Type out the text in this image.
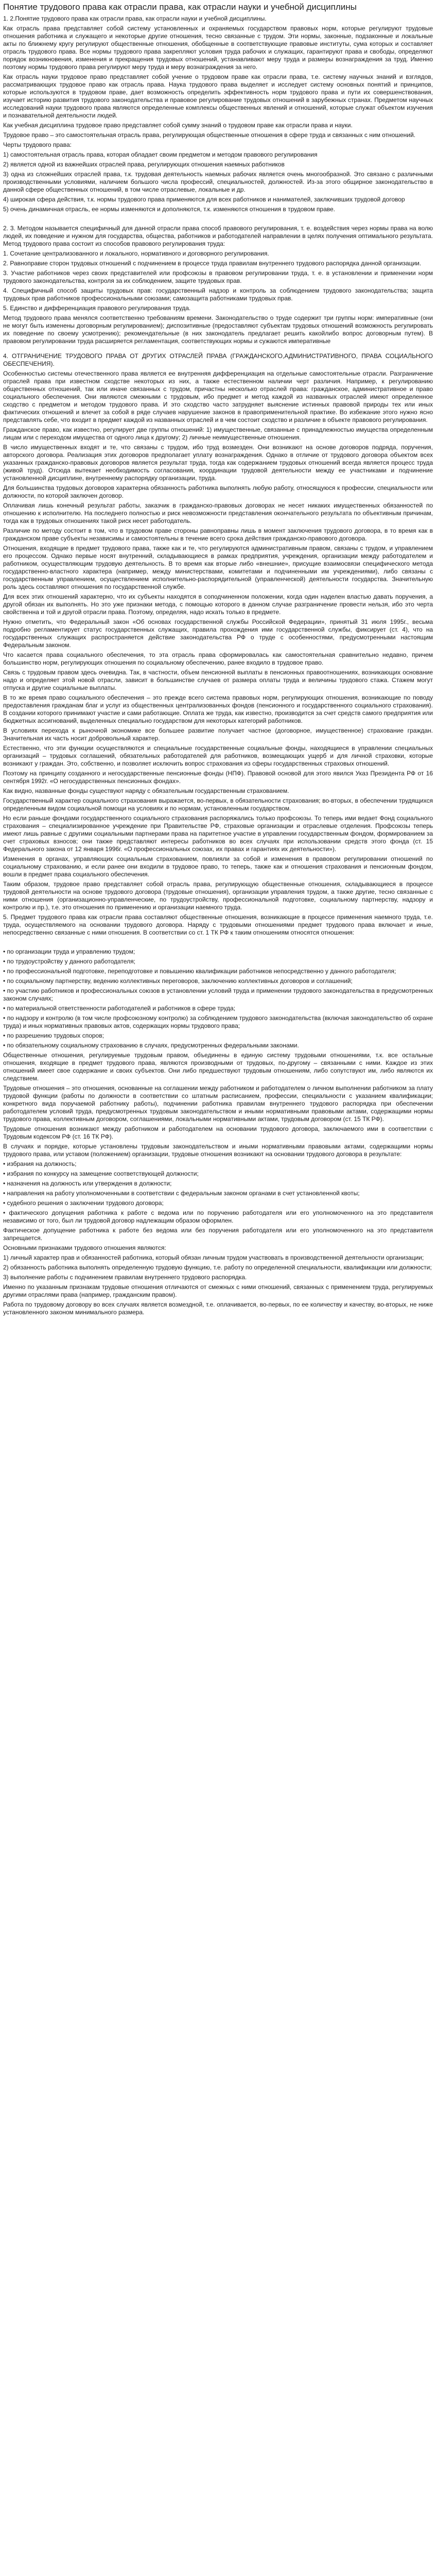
Понятие трудового права как отрасли права, как отрасли науки и учебной дисциплины

1. 2.Понятие трудового права как отрасли права, как отрасли науки и учебной дисциплины.

Как отрасль права представляет собой систему установленных и охраняемых государством правовых норм, которые регулируют трудовые отношения работника и служащего и некоторые другие отношения, тесно связанные с трудом. Эти нормы, законные, подзаконные и локальные акты по ближнему кругу регулируют общественные отношения, обобщенные в соответствующие правовые институты, сума которых и составляет отрасль трудового права. Все нормы трудового права закрепляют условия труда рабочих и служащих, гарантируют права и свободы, определяют порядок возникновения, изменения и прекращения трудовых отношений, устанавливают меру труда и размеры вознаграждения за труд. Именно поэтому нормы трудового права регулируют меру труда и меру вознаграждения за него.

Как отрасль науки трудовое право представляет собой учение о трудовом праве как отрасли права, т.е. систему научных знаний и взглядов, рассматривающих трудовое право как отрасль права. Наука трудового права выделяет и исследует систему основных понятий и принципов, которые используются в трудовом праве, дает возможность определить эффективность норм трудового права и пути их совершенствования, изучает историю развития трудового законодательства и правовое регулирование трудовых отношений в зарубежных странах. Предметом научных исследований науки трудового права являются определенные комплексы общественных явлений и отношений, которые служат объектом изучения и познавательной деятельности людей.

Как учебная дисциплина трудовое право представляет собой сумму знаний о трудовом праве как отрасли права и науки.

Трудовое право – это самостоятельная отрасль права, регулирующая общественные отношения в сфере труда и связанных с ним отношений.

Черты трудового права:

1) самостоятельная отрасль права, которая обладает своим предметом и методом правового регулирования

2) является одной из важнейших отраслей права, регулирующих отношения наемных работников

3) одна из сложнейших отраслей права, т.к. трудовая деятельность наемных рабочих является очень многообразной. Это связано с различными производственными условиями, наличием большого числа профессий, специальностей, должностей. Из-за этого общирное законодательство в данной сфере общественных отношений, в том числе отраслевые, локальные и др.

4) широкая сфера действия, т.к. нормы трудового права применяются для всех работников и нанимателей, заключивших трудовой договор

5) очень динамичная отрасль, ее нормы изменяются и дополняются, т.к. изменяются отношения в трудовом праве.

2. 3. Методом называется специфичный для данной отрасли права способ правового регулирования, т. е. воздействия через нормы права на волю людей, их поведение и нужном для государства, общества, работников и работодателей направлении в целях получения оптимального результата. Метод трудового права состоит из способов правового регулирования труда:

1. Сочетание централизованного и локального, нормативного и договорного регулирования.

2. Равноправие сторон трудовых отношений с подчинением в процессе труда правилам внутреннего трудового распорядка данной организации.

3. Участие работников через своих представителей или профсоюзы в правовом регулировании труда, т. е. в установлении и применении норм трудового законодательства, контроля за их соблюдением, защите трудовых прав.

4. Специфичный способ защиты трудовых прав: государственный надзор и контроль за соблюдением трудового законодательства; защита трудовых прав работников профессиональными союзами; самозащита работниками трудовых прав.

5. Единство и дифференциация правового регулирования труда.

Метод трудового права менялся соответственно требованиям времени. Законодательство о труде содержит три группы норм: императивные (они не могут быть изменены договорным регулированием); диспозитивные (предоставляют субъектам трудовых отношений возможность регулировать их поведение по своему усмотрению); рекомендательные (в них законодатель предлагает решить какойлибо вопрос договорным путем). В правовом регулировании труда расширяется регламентация, соответствующих нормы и сужаются императивные

4. ОТГРАНИЧЕНИЕ ТРУДОВОГО ПРАВА ОТ ДРУГИХ ОТРАСЛЕЙ ПРАВА (ГРАЖДАНСКОГО,АДМИНИСТРАТИВНОГО, ПРАВА СОЦИАЛЬНОГО ОБЕСПЕЧЕНИЯ).

Особенностью системы отечественного права является ее внутренняя дифференциация на отдельные самостоятельные отрасли. Разграничение отраслей права при известном сходстве некоторых из них, а также естественном наличии черт различия. Например, к регулированию общественных отношений, так или иначе связанных с трудом, причастны несколько отраслей права: гражданское, административное и право социального обеспечения. Они являются смежными с трудовым, ибо предмет и метод каждой из названных отраслей имеют определенное сходство с предметом и методом трудового права. И это сходство часто затрудняет выяснение истинных правовой природы тех или иных фактических отношений и влечет за собой в ряде случаев нарушение законов в правоприменительной практике. Во избежание этого нужно ясно представлять себе, что входит в предмет каждой из названных отраслей и в чем состоит сходство и различие в объекте правового регулирования.

Гражданское право, как известно, регулирует две группы отношений: 1) имущественные, связанные с принадлежностью имущества определенным лицам или с переходом имущества от одного лица к другому; 2) личные неимущественные отношения.

В число имущественных входят и те, что связаны с трудом, ибо труд возмезден. Они возникают на основе договоров подряда, поручения, авторского договора. Реализация этих договоров предполагает уплату вознаграждения. Однако в отличие от трудового договора объектом всех указанных гражданско-правовых договоров является результат труда, тогда как содержанием трудовых отношений всегда является процесс труда (живой труд). Отсюда вытекает необходимость согласования, координации трудовой деятельности между ее участниками и подчинение установленной дисциплине, внутреннему распорядку организации, труда.

Для большинства трудовых договоров характерна обязанность работника выполнять любую работу, относящуюся к профессии, специальности или должности, по которой заключен договор.

Оплачивая лишь конечный результат работы, заказчик в гражданско-правовых договорах не несет никаких имущественных обязанностей по отношению к исполнителю. На последнего полностью и риск невозможности представления окончательного результата по объективным причинам, тогда как в трудовых отношениях такой риск несет работодатель.

Различие по методу состоит в том, что в трудовом праве стороны равноправны лишь в момент заключения трудового договора, в то время как в гражданском праве субъекты независимы и самостоятельны в течение всего срока действия гражданско-правового договора.

Отношения, входящие в предмет трудового права, также как и те, что регулируются административным правом, связаны с трудом, и управлением его процессом. Однако первые носят внутренний, складывающиеся в рамках предприятия, учреждения, организации между работодателем и работником, осуществляющим трудовую деятельность. В то время как вторые либо «внешние», присущие взаимосвязи специфического метода государственно-властного характера (например, между министерствами, комитетами и подчиненными им учреждениями), либо связаны с государственным управлением, осуществлением исполнительно-распорядительной (управленческой) деятельности государства. Значительную роль здесь составляют отношения по государственной службе.

Для всех этих отношений характерно, что их субъекты находятся в соподчиненном положении, когда один наделен властью давать поручения, а другой обязан их выполнять. Но это уже признаки метода, с помощью которого в данном случае разграничение провести нельзя, ибо это черта свойственна и той и другой отрасли права. Поэтому, определяя, надо искать только в предмете.

Нужно отметить, что Федеральный закон «Об основах государственной службы Российской Федерации», принятый 31 июля 1995г., весьма подробно регламентирует статус государственных служащих, правила прохождения ими государственной службы, фиксирует (ст. 4), что на государственных служащих распространяется действие законодательства РФ о труде с особенностями, предусмотренными настоящим Федеральным законом.

Что касается права социального обеспечения, то эта отрасль права сформировалась как самостоятельная сравнительно недавно, причем большинство норм, регулирующих отношения по социальному обеспечению, ранее входило в трудовое право.

Связь с трудовым правом здесь очевидна. Так, в частности, объем пенсионной выплаты в пенсионных правоотношениях, возникающих основание надо и определяет этой новой отрасли, зависит в большинстве случаев от размера оплаты труда и величины трудового стажа. Стажем могут отпуска и другие социальные выплаты.

В то же время право социального обеспечения – это прежде всего система правовых норм, регулирующих отношения, возникающие по поводу предоставления гражданам благ и услуг из общественных централизованных фондов (пенсионного и государственного социального страхования). В создании которого принимают участие и сами работающие. Оплата же труда, как известно, производится за счет средств самого предприятия или бюджетных ассигнований, выделенных специально государством для некоторых категорий работников.

В условиях перехода к рыночной экономике все большее развитие получает частное (договорное, имущественное) страхование граждан. Значительная их часть носит добровольный характер.

Естественно, что эти функции осуществляются и специальные государственные социальные фонды, находящиеся в управлении специальных организаций – трудовых соглашений, обязательных работодателей для работников, возмещающих ущерб и для личной страховки, которые возникают у граждан. Это, собственно, и позволяет исключить вопрос страхования из сферы государственных страховых отношений.

Поэтому на принципу созданного и негосударственные пенсионные фонды (НПФ). Правовой основой для этого явился Указ Президента РФ от 16 сентября 1992г. «О негосударственных пенсионных фондах».

Как видно, названные фонды существуют наряду с обязательным государственным страхованием.

Государственный характер социального страхования выражается, во-первых, в обязательности страхования; во-вторых, в обеспечении трудящихся определенным видом социальной помощи на условиях и по нормам, установленным государством.

Но если раньше фондами государственного социального страхования распоряжались только профсоюзы. То теперь ими ведает Фонд социального страхования – специализированное учреждение при Правительстве РФ, страховые организации и отраслевые отделения. Профсоюзы теперь имеют лишь равные с другими социальными партнерами права на паритетное участие в управлении государственным фондом, формированием за счет страховых взносов; они также представляют интересы работников во всех случаях при использовании средств этого фонда (ст. 15 Федерального закона от 12 января 1996г. «О профессиональных союзах, их правах и гарантиях их деятельности»).

Изменения в органах, управляющих социальным страхованием, повлияли за собой и изменения в правовом регулировании отношений по социальному страхованию, и если ранее они входили в трудовое право, то теперь, также как и отношения страхования и пенсионным фондом, вошли в предмет права социального обеспечения.

Таким образом, трудовое право представляет собой отрасль права, регулирующую общественные отношения, складывающиеся в процессе трудовой деятельности на основе трудового договора (трудовые отношения), организации управления трудом, а также другие, тесно связанные с ними отношения (организационно-управленческие, по трудоустройству, профессиональной подготовке, социальному партнерству, надзору и контролю и пр.), т.е. это отношения по применению и организации наемного труда.

5. Предмет трудового права как отрасли права составляют общественные отношения, возникающие в процессе применения наемного труда, т.е. труда, осуществляемого на основании трудового договора. Наряду с трудовыми отношениями предмет трудового права включает и иные, непосредственно связанные с ними отношения. В соответствии со ст. 1 ТК РФ к таким отношениям относятся отношения:

• по организации труда и управлению трудом;

• по трудоустройству у данного работодателя;

• по профессиональной подготовке, переподготовке и повышению квалификации работников непосредственно у данного работодателя;

• по социальному партнерству, ведению коллективных переговоров, заключению коллективных договоров и соглашений;

• по участию работников и профессиональных союзов в установлении условий труда и применении трудового законодательства в предусмотренных законом случаях;

• по материальной ответственности работодателей и работников в сфере труда;

• по надзору и контролю (в том числе профсоюзному контролю) за соблюдением трудового законодательства (включая законодательство об охране труда) и иных нормативных правовых актов, содержащих нормы трудового права;

• по разрешению трудовых споров;

• по обязательному социальному страхованию в случаях, предусмотренных федеральными законами.

Общественные отношения, регулируемые трудовым правом, объединены в единую систему трудовыми отношениями, т.к. все остальные отношения, входящие в предмет трудового права, являются производными от трудовых, по-другому – связанными с ними. Каждое из этих отношений имеет свое содержание и своих субъектов. Они либо предшествуют трудовым отношениям, либо сопутствуют им, либо являются их следствием.

Трудовые отношения – это отношения, основанные на соглашении между работником и работодателем о личном выполнении работником за плату трудовой функции (работы по должности в соответствии со штатным расписанием, профессии, специальности с указанием квалификации; конкретного вида поручаемой работнику работы), подчинении работника правилам внутреннего трудового распорядка при обеспечении работодателем условий труда, предусмотренных трудовым законодательством и иными нормативными правовыми актами, содержащими нормы трудового права, коллективным договором, соглашениями, локальными нормативными актами, трудовым договором (ст. 15 ТК РФ).

Трудовые отношения возникают между работником и работодателем на основании трудового договора, заключаемого ими в соответствии с Трудовым кодексом РФ (ст. 16 ТК РФ).

В случаях и порядке, которые установлены трудовым законодательством и иными нормативными правовыми актами, содержащими нормы трудового права, или уставом (положением) организации, трудовые отношения возникают на основании трудового договора в результате:

• избрания на должность;

• избрания по конкурсу на замещение соответствующей должности;

• назначения на должность или утверждения в должности;

• направления на работу уполномоченными в соответствии с федеральным законом органами в счет установленной квоты;

• судебного решения о заключении трудового договора;

• фактического допущения работника к работе с ведома или по поручению работодателя или его уполномоченного на это представителя независимо от того, был ли трудовой договор надлежащим образом оформлен.

Фактическое допущение работника к работе без ведома или без поручения работодателя или его уполномоченного на это представителя запрещается.

Основными признаками трудового отношения являются:

1) личный характер прав и обязанностей работника, который обязан личным трудом участвовать в производственной деятельности организации;

2) обязанность работника выполнять определенную трудовую функцию, т.е. работу по определенной специальности, квалификации или должности;

3) выполнение работы с подчинением правилам внутреннего трудового распорядка.

Именно по указанным признакам трудовые отношения отличаются от смежных с ними отношений, связанных с применением труда, регулируемых другими отраслями права (например, гражданским правом).

Работа по трудовому договору во всех случаях является возмездной, т.е. оплачивается, во-первых, по ее количеству и качеству, во-вторых, не ниже установленного законом минимального размера.
